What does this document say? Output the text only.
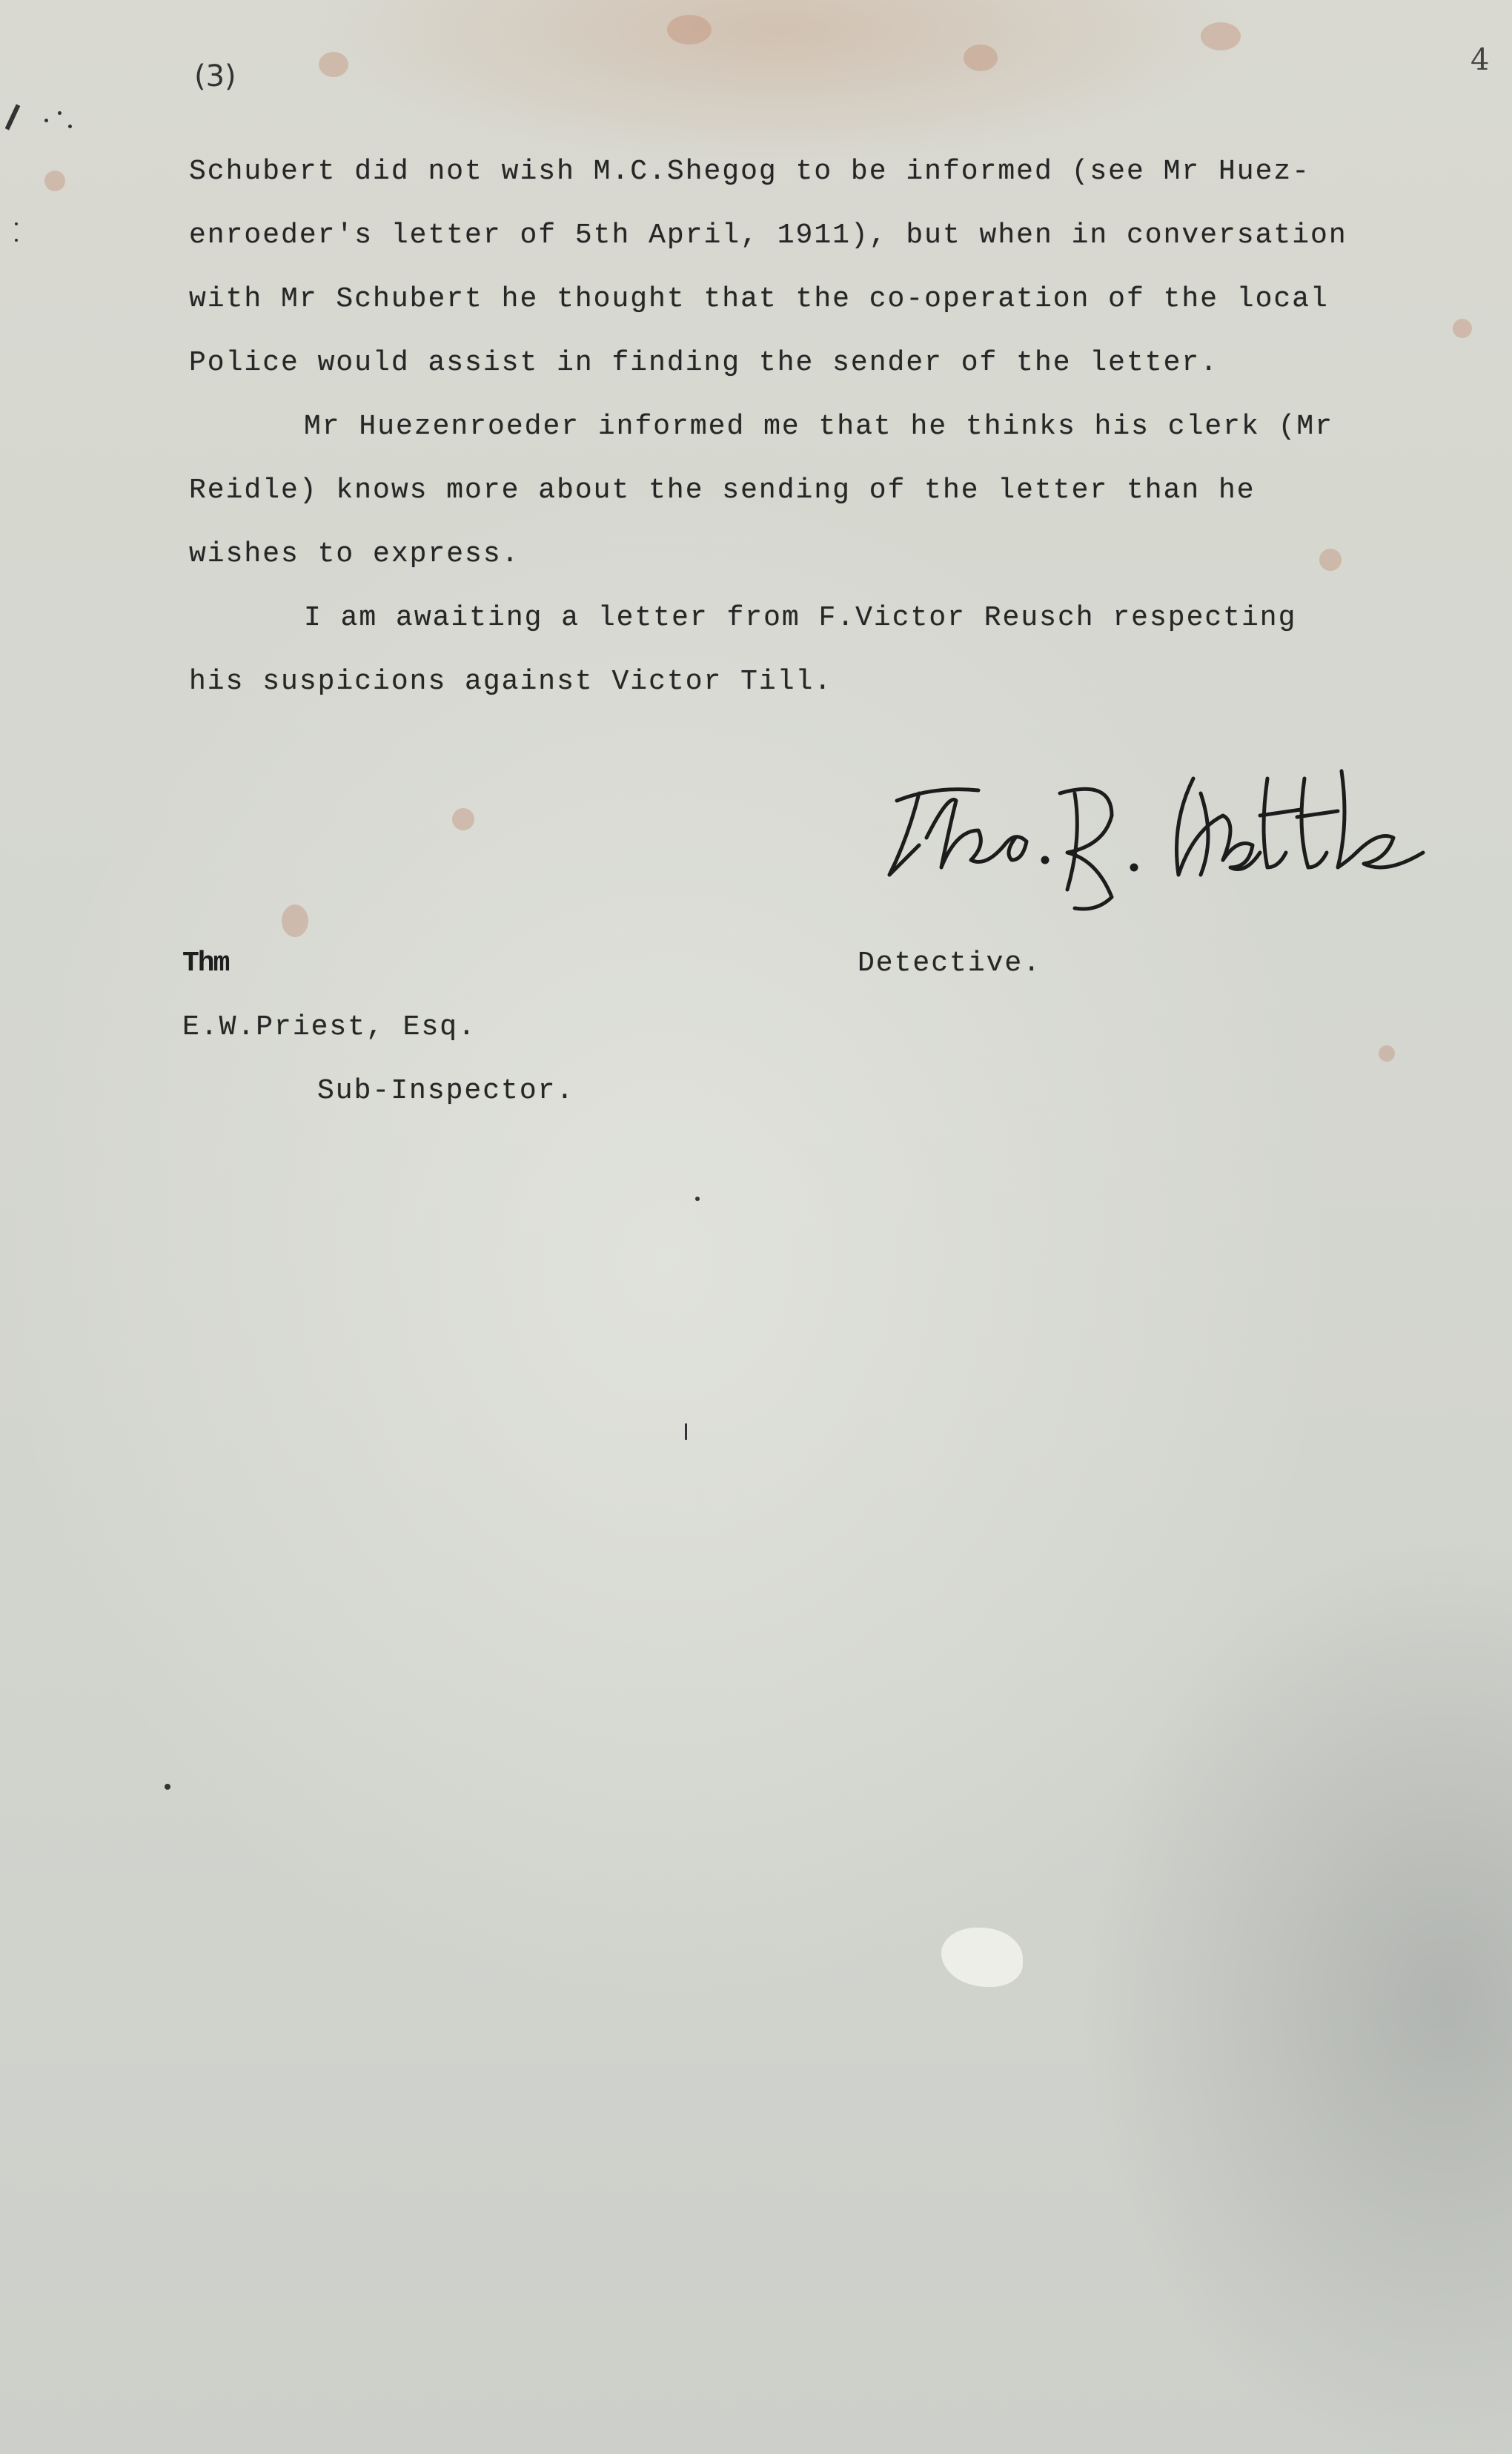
(3)	4
Schubert did not wish M.C.Shegog to be informed (see Mr Huez-
enroeder's letter of 5th April, 1911), but when in conversation
with Mr Schubert he thought that the co-operation of the local
Police would assist in finding the sender of the letter.
Mr Huezenroeder informed me that he thinks his clerk (Mr
Reidle) knows more about the sending of the letter than he
wishes to express.
I am awaiting a letter from F.Victor Reusch respecting
his suspicions against Victor Till.
Thm	Detective.
E.W.Priest, Esq.
Sub-Inspector.
